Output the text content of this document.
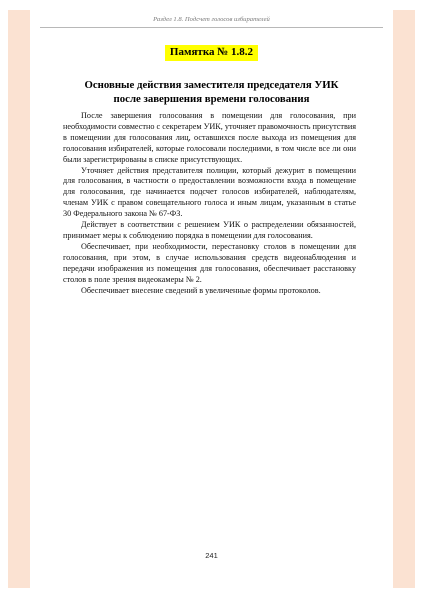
Раздел 1.8. Подсчет голосов избирателей
Памятка № 1.8.2
Основные действия заместителя председателя УИК
после завершения времени голосования

После завершения голосования в помещении для голосования, при необходимости совместно с секретарем УИК, уточняет правомочность присутствия в помещении для голосования лиц, оставшихся после выхода из помещения для голосования избирателей, которые голосовали последними, в том числе все ли они были зарегистрированы в списке присутствующих.

Уточняет действия представителя полиции, который дежурит в помещении для голосования, в частности о предоставлении возможности входа в помещение для голосования, где начинается подсчет голосов избирателей, наблюдателям, членам УИК с правом совещательного голоса и иным лицам, указанным в статье 30 Федерального закона № 67-ФЗ.

Действует в соответствии с решением УИК о распределении обязанностей, принимает меры к соблюдению порядка в помещении для голосования.

Обеспечивает, при необходимости, перестановку столов в помещении для голосования, при этом, в случае использования средств видеонаблюдения и передачи изображения из помещения для голосования, обеспечивает расстановку столов в поле зрения видеокамеры № 2.

Обеспечивает внесение сведений в увеличенные формы протоколов.

241
